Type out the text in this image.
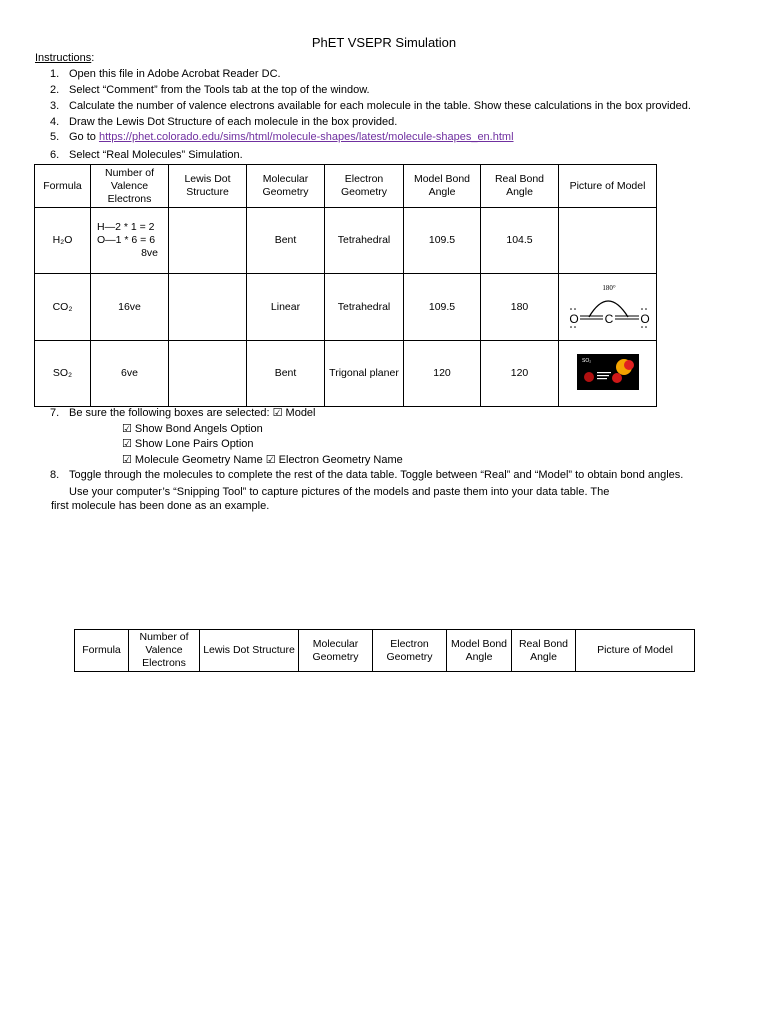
PhET VSEPR Simulation
Instructions:
1. Open this file in Adobe Acrobat Reader DC.
2. Select “Comment” from the Tools tab at the top of the window.
3. Calculate the number of valence electrons available for each molecule in the table. Show these calculations in the box provided.
4. Draw the Lewis Dot Structure of each molecule in the box provided.
5. Go to https://phet.colorado.edu/sims/html/molecule-shapes/latest/molecule-shapes_en.html
6. Select “Real Molecules” Simulation.
Formula	Number of Valence Electrons	Lewis Dot Structure	Molecular Geometry	Electron Geometry	Model Bond Angle	Real Bond Angle	Picture of Model
H₂O	H—2 * 1 = 2
O—1 * 6 = 6
8ve		Bent	Tetrahedral	109.5	104.5	
CO₂	16ve		Linear	Tetrahedral	109.5	180	180°
O C O

SO₂	6ve		Bent	Trigonal planer	120	120	SO₂
7. Be sure the following boxes are selected: ☑ Model
☑ Show Bond Angels Option
☑ Show Lone Pairs Option
☑ Molecule Geometry Name ☑ Electron Geometry Name
8. Toggle through the molecules to complete the rest of the data table. Toggle between “Real” and “Model” to obtain bond angles.
Use your computer’s “Snipping Tool” to capture pictures of the models and paste them into your data table. The
first molecule has been done as an example.
Formula	Number of Valence Electrons	Lewis Dot Structure	Molecular Geometry	Electron Geometry	Model Bond Angle	Real Bond Angle	Picture of Model
